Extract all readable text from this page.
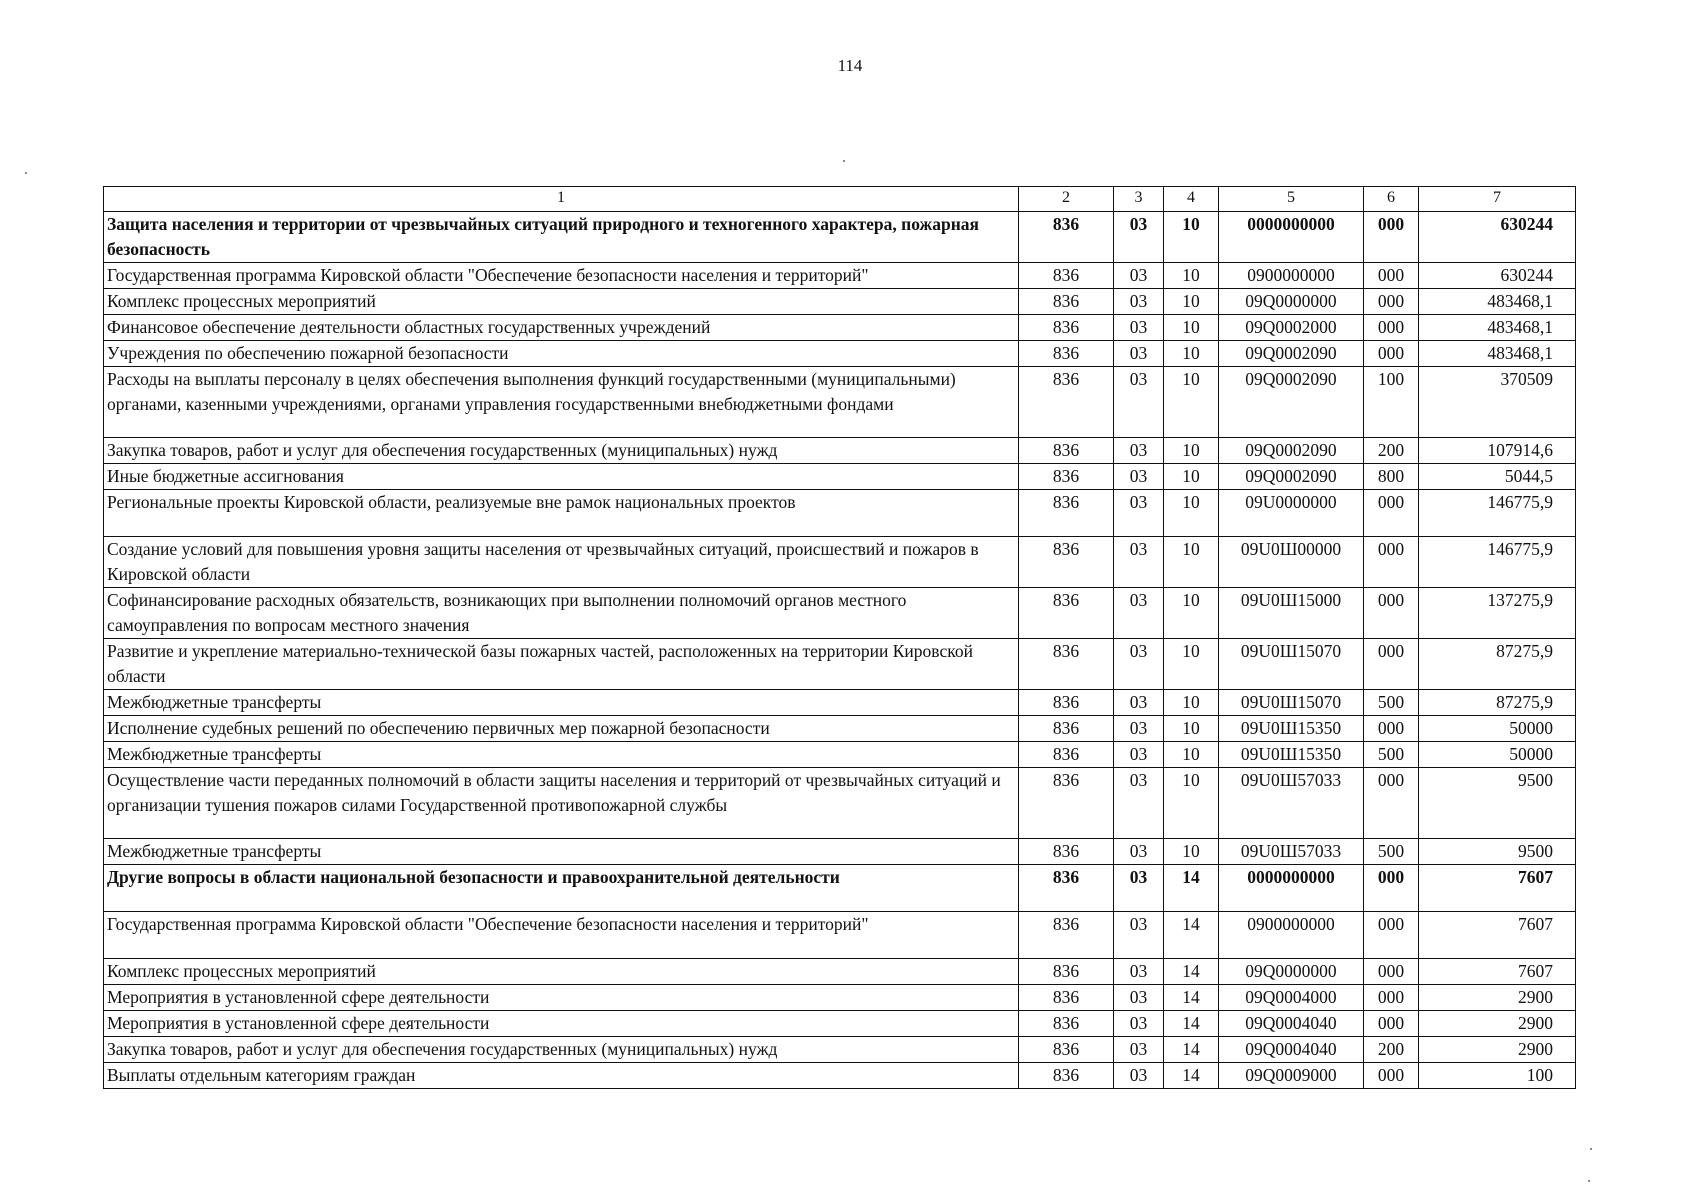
114
1	2	3	4	5	6	7
Защита населения и территории от чрезвычайных ситуаций природного и техногенного характера, пожарная безопасность	836	03	10	0000000000	000	630244
Государственная программа Кировской области "Обеспечение безопасности населения и территорий"	836	03	10	0900000000	000	630244
Комплекс процессных мероприятий	836	03	10	09Q0000000	000	483468,1
Финансовое обеспечение деятельности областных государственных учреждений	836	03	10	09Q0002000	000	483468,1
Учреждения по обеспечению пожарной безопасности	836	03	10	09Q0002090	000	483468,1
Расходы на выплаты персоналу в целях обеспечения выполнения функций государственными (муниципальными) органами, казенными учреждениями, органами управления государственными внебюджетными фондами	836	03	10	09Q0002090	100	370509
Закупка товаров, работ и услуг для обеспечения государственных (муниципальных) нужд	836	03	10	09Q0002090	200	107914,6
Иные бюджетные ассигнования	836	03	10	09Q0002090	800	5044,5
Региональные проекты Кировской области, реализуемые вне рамок национальных проектов	836	03	10	09U0000000	000	146775,9
Создание условий для повышения уровня защиты населения от чрезвычайных ситуаций, происшествий и пожаров в Кировской области	836	03	10	09U0Ш00000	000	146775,9
Софинансирование расходных обязательств, возникающих при выполнении полномочий органов местного самоуправления по вопросам местного значения	836	03	10	09U0Ш15000	000	137275,9
Развитие и укрепление материально-технической базы пожарных частей, расположенных на территории Кировской области	836	03	10	09U0Ш15070	000	87275,9
Межбюджетные трансферты	836	03	10	09U0Ш15070	500	87275,9
Исполнение судебных решений по обеспечению первичных мер пожарной безопасности	836	03	10	09U0Ш15350	000	50000
Межбюджетные трансферты	836	03	10	09U0Ш15350	500	50000
Осуществление части переданных полномочий в области защиты населения и территорий от чрезвычайных ситуаций и организации тушения пожаров силами Государственной противопожарной службы	836	03	10	09U0Ш57033	000	9500
Межбюджетные трансферты	836	03	10	09U0Ш57033	500	9500
Другие вопросы в области национальной безопасности и правоохранительной деятельности	836	03	14	0000000000	000	7607
Государственная программа Кировской области "Обеспечение безопасности населения и территорий"	836	03	14	0900000000	000	7607
Комплекс процессных мероприятий	836	03	14	09Q0000000	000	7607
Мероприятия в установленной сфере деятельности	836	03	14	09Q0004000	000	2900
Мероприятия в установленной сфере деятельности	836	03	14	09Q0004040	000	2900
Закупка товаров, работ и услуг для обеспечения государственных (муниципальных) нужд	836	03	14	09Q0004040	200	2900
Выплаты отдельным категориям граждан	836	03	14	09Q0009000	000	100
